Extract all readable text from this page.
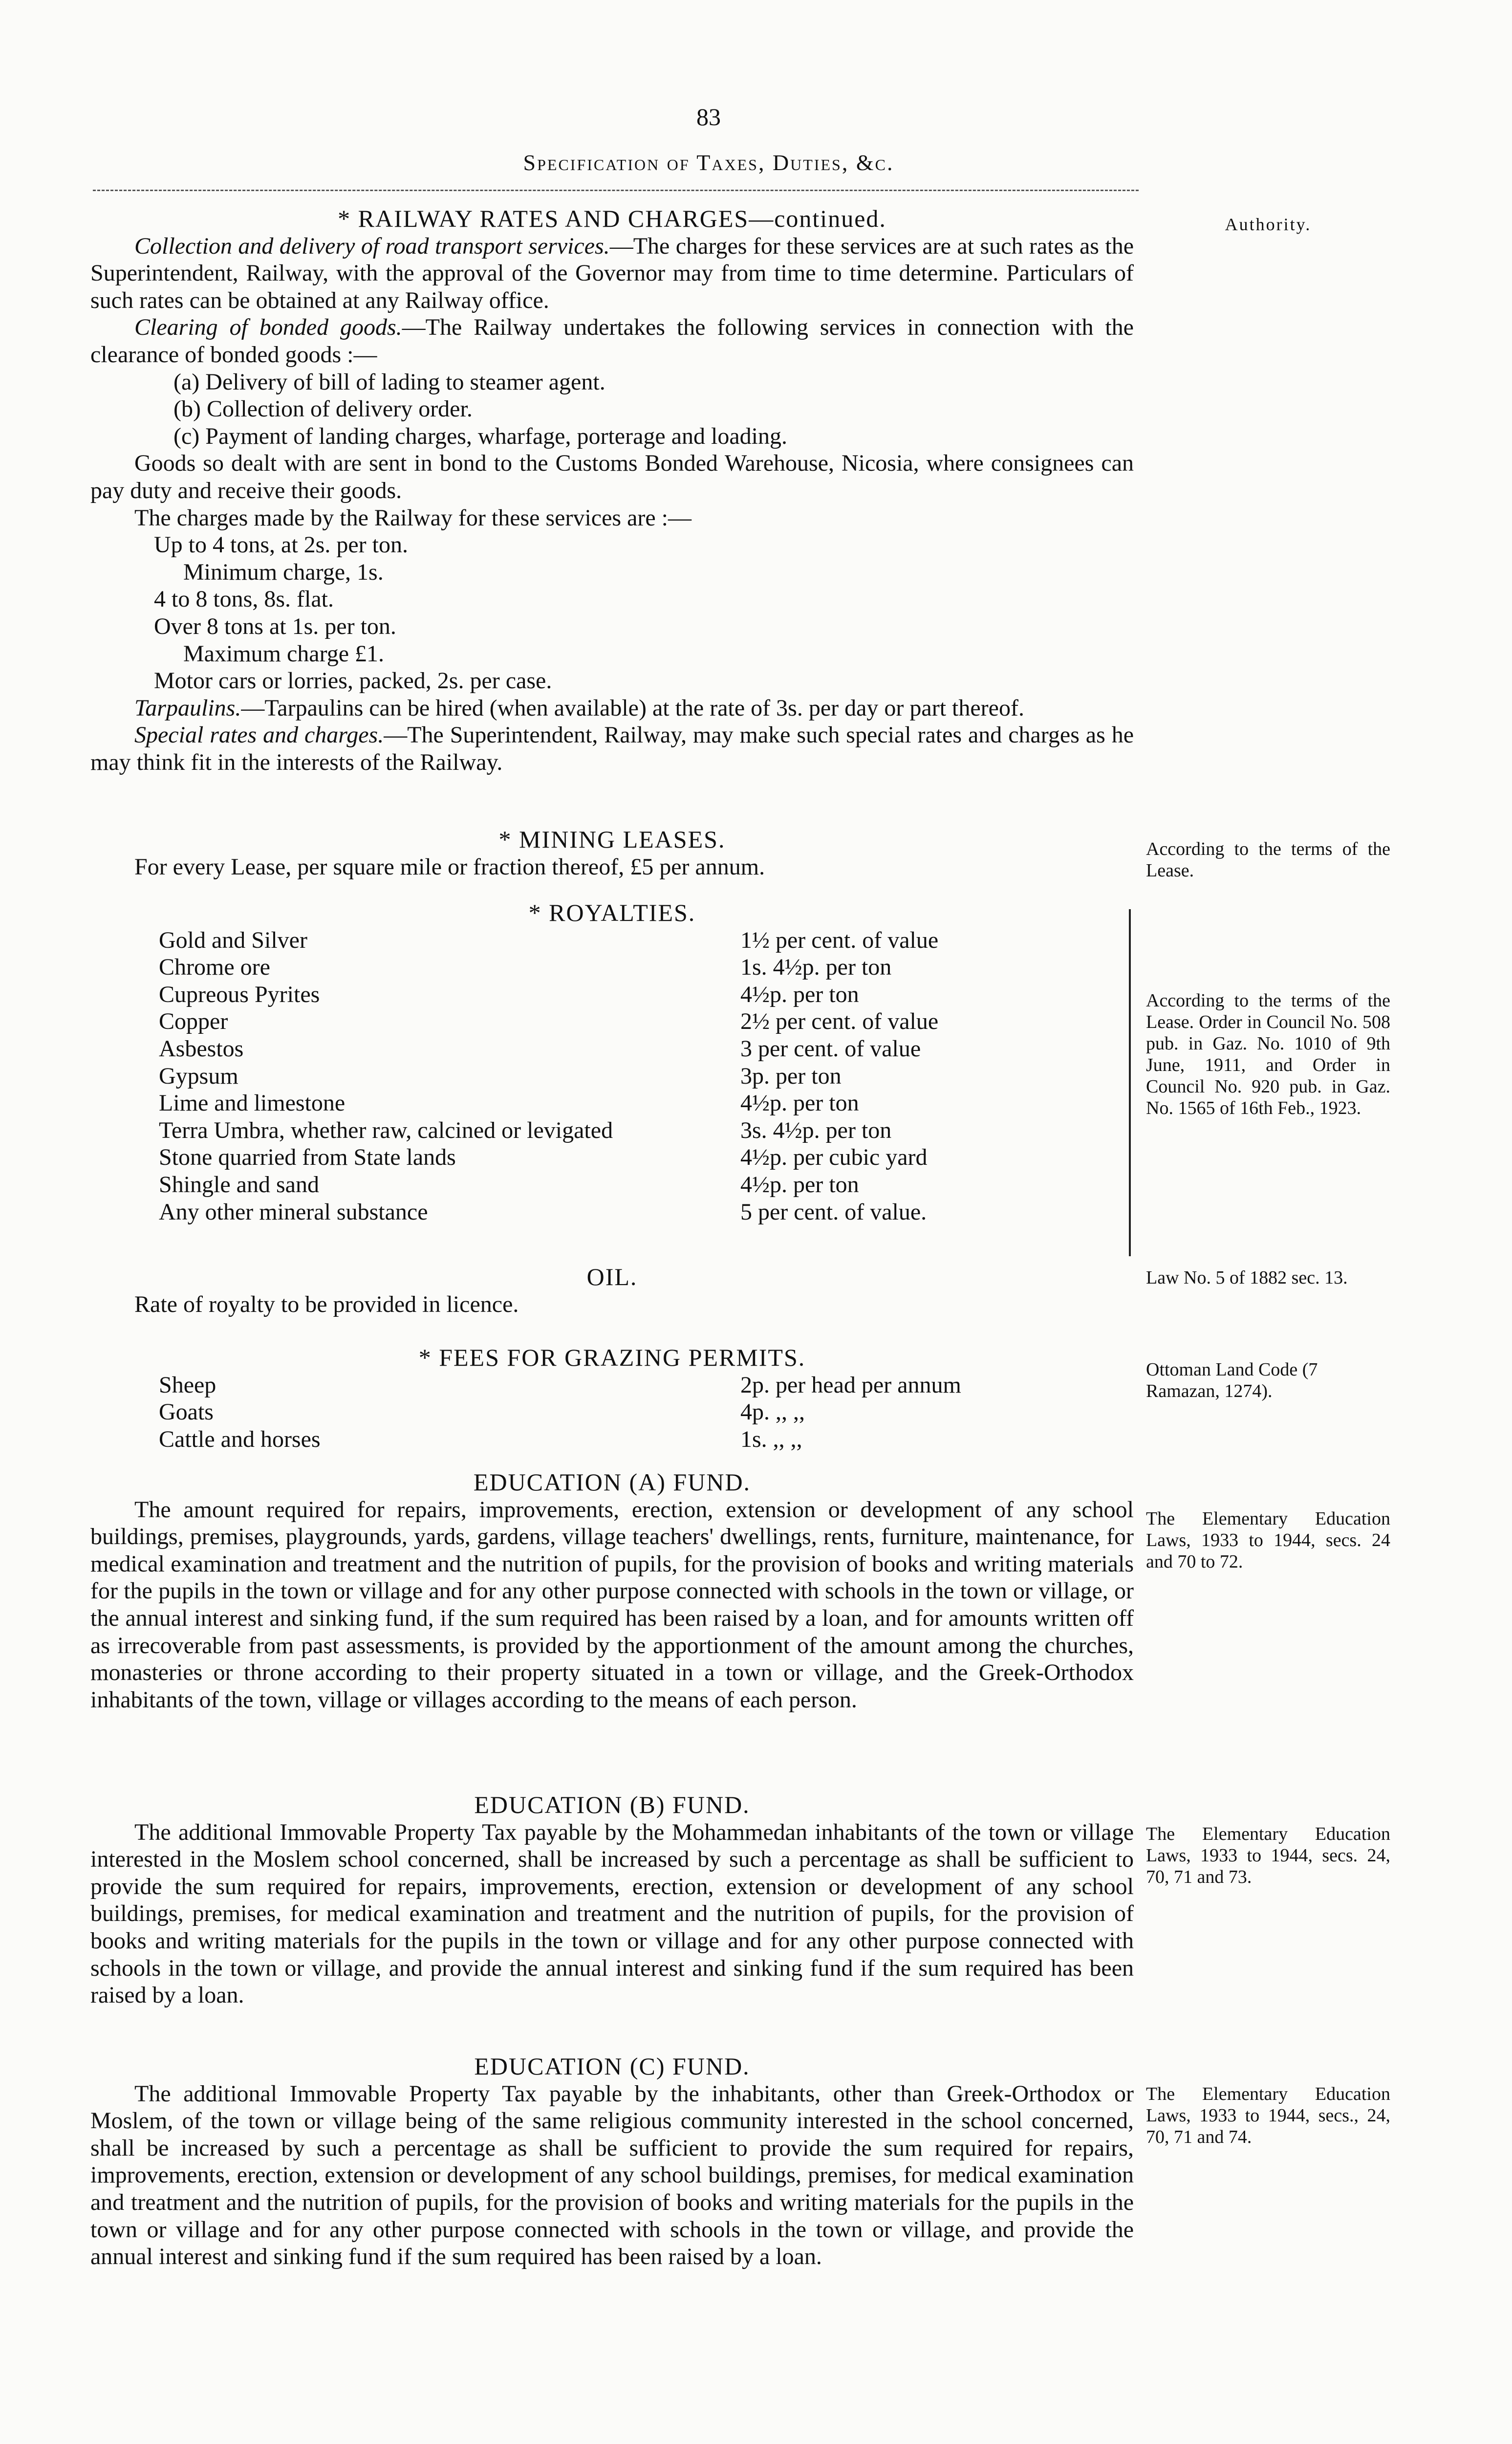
83
Specification of Taxes, Duties, &c.
Authority.

* RAILWAY RATES AND CHARGES—continued.

Collection and delivery of road transport services.—The charges for these services are at such rates as the Superintendent, Railway, with the approval of the Governor may from time to time determine. Particulars of such rates can be obtained at any Railway office.

Clearing of bonded goods.—The Railway undertakes the following services in connection with the clearance of bonded goods :—

(a) Delivery of bill of lading to steamer agent.

(b) Collection of delivery order.

(c) Payment of landing charges, wharfage, porterage and loading.

Goods so dealt with are sent in bond to the Customs Bonded Warehouse, Nicosia, where consignees can pay duty and receive their goods.

The charges made by the Railway for these services are :—

Up to 4 tons, at 2s. per ton.

Minimum charge, 1s.

4 to 8 tons, 8s. flat.

Over 8 tons at 1s. per ton.

Maximum charge £1.

Motor cars or lorries, packed, 2s. per case.

Tarpaulins.—Tarpaulins can be hired (when available) at the rate of 3s. per day or part thereof.

Special rates and charges.—The Superintendent, Railway, may make such special rates and charges as he may think fit in the interests of the Railway.

* MINING LEASES.

For every Lease, per square mile or fraction thereof, £5 per annum.

According to the terms of the Lease.

* ROYALTIES.

Gold and Silver	1½ per cent. of value
Chrome ore	1s. 4½p. per ton
Cupreous Pyrites	4½p. per ton
Copper	2½ per cent. of value
Asbestos	3 per cent. of value
Gypsum	3p. per ton
Lime and limestone	4½p. per ton
Terra Umbra, whether raw, calcined or levigated	3s. 4½p. per ton
Stone quarried from State lands	4½p. per cubic yard
Shingle and sand	4½p. per ton
Any other mineral substance	5 per cent. of value.
According to the terms of the Lease. Order in Council No. 508 pub. in Gaz. No. 1010 of 9th June, 1911, and Order in Council No. 920 pub. in Gaz. No. 1565 of 16th Feb., 1923.

OIL.

Rate of royalty to be provided in licence.

Law No. 5 of 1882 sec. 13.

* FEES FOR GRAZING PERMITS.

Sheep	2p. per head per annum
Goats	4p. ,, ,,
Cattle and horses	1s. ,, ,,
Ottoman Land Code (7 Ramazan, 1274).

EDUCATION (A) FUND.

The amount required for repairs, improvements, erection, extension or development of any school buildings, premises, playgrounds, yards, gardens, village teachers' dwellings, rents, furniture, maintenance, for medical examination and treatment and the nutrition of pupils, for the provision of books and writing materials for the pupils in the town or village and for any other purpose connected with schools in the town or village, or the annual interest and sinking fund, if the sum required has been raised by a loan, and for amounts written off as irrecoverable from past assessments, is provided by the apportionment of the amount among the churches, monasteries or throne according to their property situated in a town or village, and the Greek-Orthodox inhabitants of the town, village or villages according to the means of each person.

The Elementary Education Laws, 1933 to 1944, secs. 24 and 70 to 72.

EDUCATION (B) FUND.

The additional Immovable Property Tax payable by the Mohammedan inhabitants of the town or village interested in the Moslem school concerned, shall be increased by such a percentage as shall be sufficient to provide the sum required for repairs, improvements, erection, extension or development of any school buildings, premises, for medical examination and treatment and the nutrition of pupils, for the provision of books and writing materials for the pupils in the town or village and for any other purpose connected with schools in the town or village, and provide the annual interest and sinking fund if the sum required has been raised by a loan.

The Elementary Education Laws, 1933 to 1944, secs. 24, 70, 71 and 73.

EDUCATION (C) FUND.

The additional Immovable Property Tax payable by the inhabitants, other than Greek-Orthodox or Moslem, of the town or village being of the same religious community interested in the school concerned, shall be increased by such a percentage as shall be sufficient to provide the sum required for repairs, improvements, erection, extension or development of any school buildings, premises, for medical examination and treatment and the nutrition of pupils, for the provision of books and writing materials for the pupils in the town or village and for any other purpose connected with schools in the town or village, and provide the annual interest and sinking fund if the sum required has been raised by a loan.

The Elementary Education Laws, 1933 to 1944, secs., 24, 70, 71 and 74.
